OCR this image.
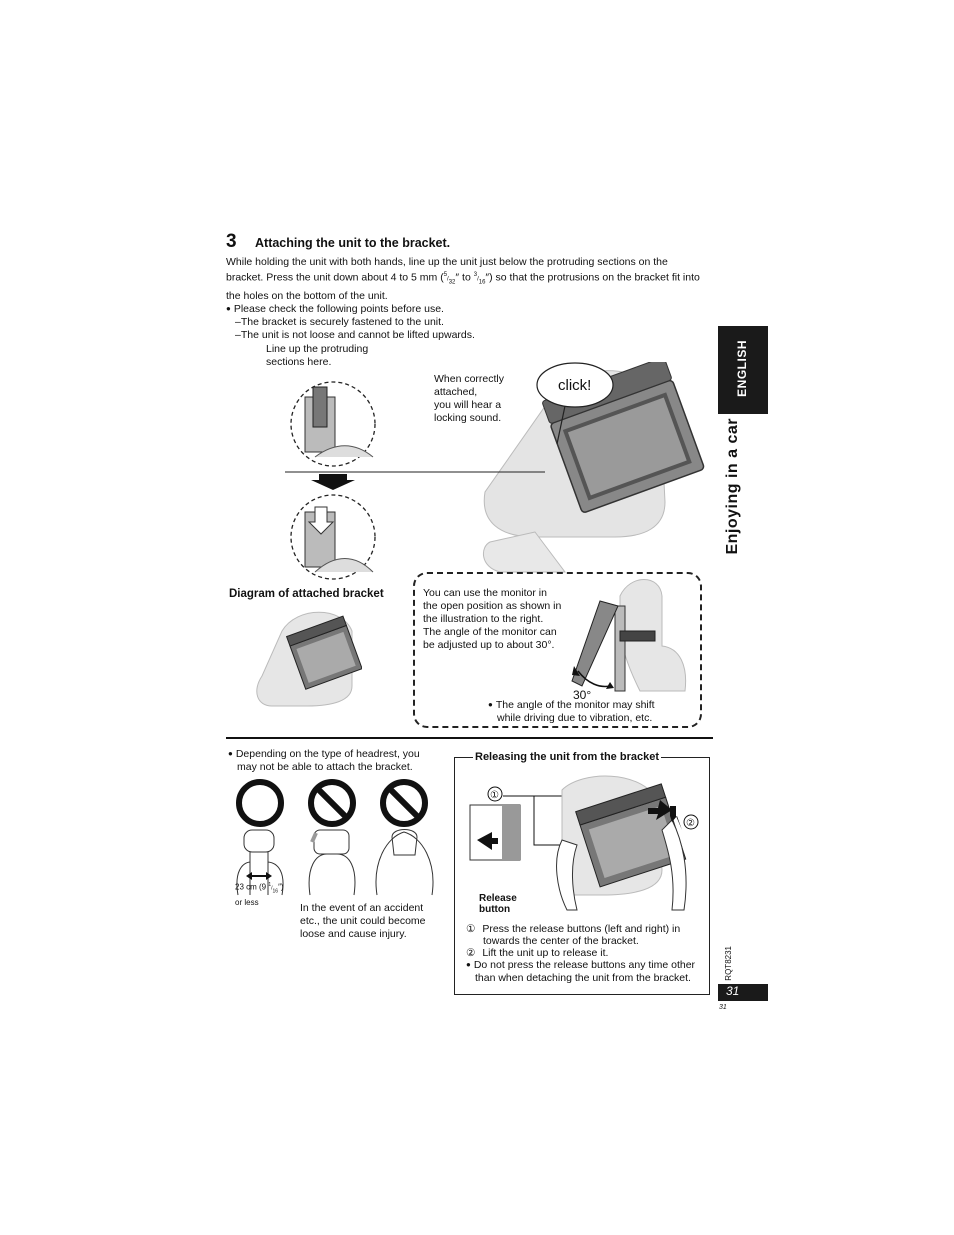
3 Attaching the unit to the bracket.
While holding the unit with both hands, line up the unit just below the protruding sections on the
bracket. Press the unit down about 4 to 5 mm ($^5/_{32}''$ to $^3/_{16}''$) so that the protrusions on the bracket fit into
the holes on the bottom of the unit.
● Please check the following points before use.
–The bracket is securely fastened to the unit.
–The unit is not loose and cannot be lifted upwards.
Line up the protruding
sections here.
When correctly
attached,
you will hear a
locking sound.
click!
Diagram of attached bracket	You can use the monitor in
the open position as shown in
the illustration to the right.
The angle of the monitor can
be adjusted up to about 30°.
30°
● The angle of the monitor may shift
while driving due to vibration, etc.
● Depending on the type of headrest, you
may not be able to attach the bracket.
23 cm (9 $^1/_{16}''$)
or less	In the event of an accident
etc., the unit could become
loose and cause injury.
Releasing the unit from the bracket
①
②
Release
button
① Press the release buttons (left and right) in
towards the center of the bracket.
② Lift the unit up to release it.
● Do not press the release buttons any time other
than when detaching the unit from the bracket.
ENGLISH
Enjoying in a car
RQT8231
31
31
